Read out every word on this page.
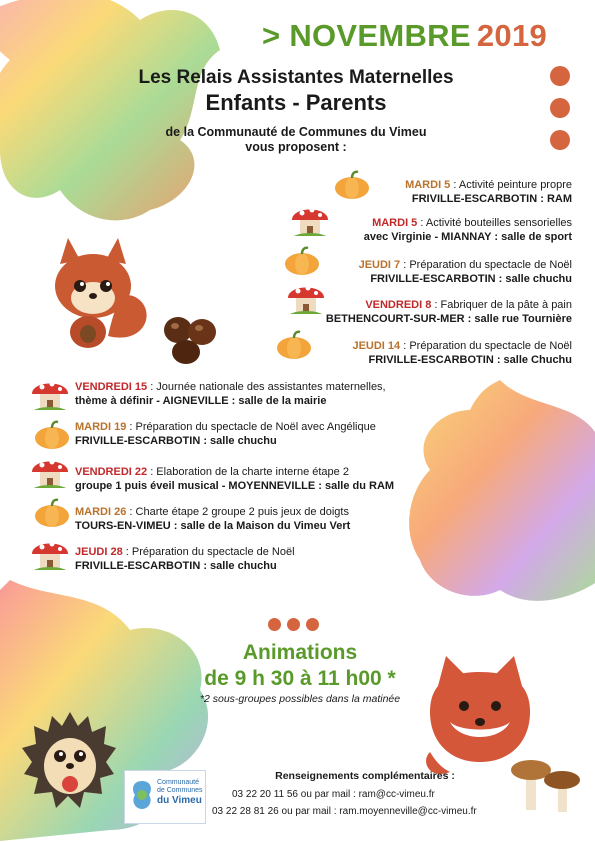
> NOVEMBRE 2019
Les Relais Assistantes Maternelles
Enfants - Parents
de la Communauté de Communes du Vimeu
vous proposent :
MARDI 5 : Activité peinture propre
FRIVILLE-ESCARBOTIN : RAM
MARDI 5 : Activité bouteilles sensorielles
avec Virginie - MIANNAY : salle de sport
JEUDI 7 : Préparation du spectacle de Noël
FRIVILLE-ESCARBOTIN : salle chuchu
VENDREDI 8 : Fabriquer de la pâte à pain
BETHENCOURT-SUR-MER : salle rue Tournière
JEUDI 14 : Préparation du spectacle de Noël
FRIVILLE-ESCARBOTIN : salle Chuchu
VENDREDI 15 : Journée nationale des assistantes maternelles,
thème à définir - AIGNEVILLE : salle de la mairie
MARDI 19 : Préparation du spectacle de Noël avec Angélique
FRIVILLE-ESCARBOTIN : salle chuchu
VENDREDI 22 : Elaboration de la charte interne étape 2
groupe 1 puis éveil musical - MOYENNEVILLE : salle du RAM
MARDI 26 : Charte étape 2 groupe 2 puis jeux de doigts
TOURS-EN-VIMEU : salle de la Maison du Vimeu Vert
JEUDI 28 : Préparation du spectacle de Noël
FRIVILLE-ESCARBOTIN : salle chuchu
Animations
de 9 h 30 à 11 h00 *
*2 sous-groupes possibles dans la matinée
Communauté
de Communes
du Vimeu
Renseignements complémentaires :
03 22 20 11 56 ou par mail : ram@cc-vimeu.fr
03 22 28 81 26 ou par mail : ram.moyenneville@cc-vimeu.fr
